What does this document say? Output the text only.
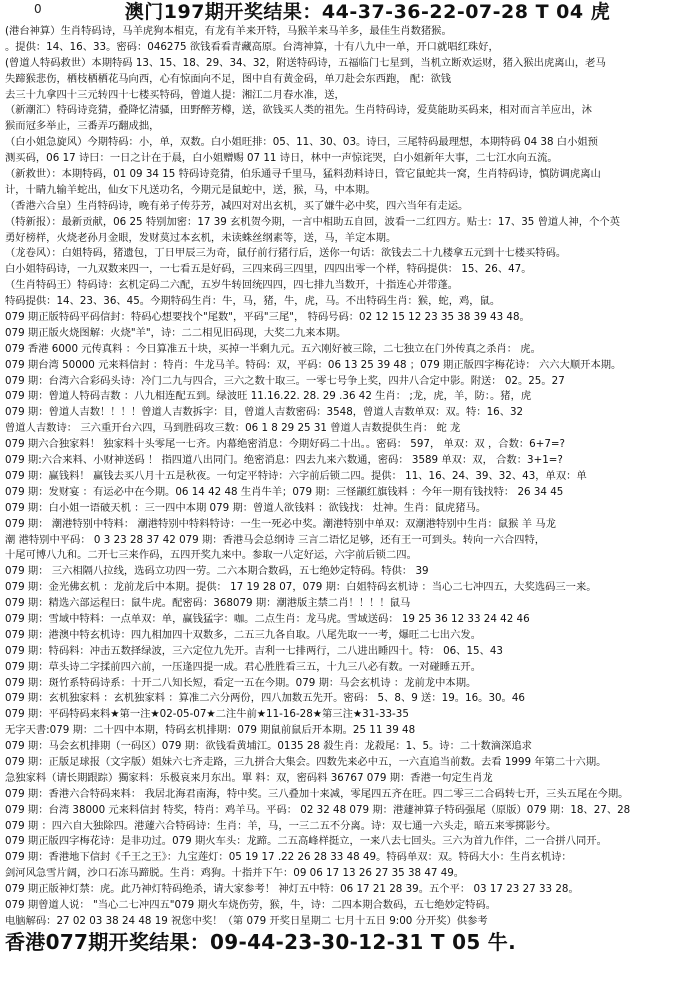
0	澳门197期开奖结果：44-37-36-22-07-28 T 04 虎
(港台神算）生肖特码诗，马羊虎狗本相克，有龙有羊来开特，马猴羊来马羊多，最佳生肖数猪猴。
。提供：14、16、33。密码：046275 欲钱看看青藏高原。台湾神算，十有八九中一单，开口就唱红珠好，
(曾道人特码救世）本期特码 13、15、18、29、34、32，附送特码诗，五福临门七星到，当机立断欢运财，猪入猴出虎离山，老马
失蹄猴悲伤，栖枝栖栖花马向西，心有惊面向不足，图中自有黄金码，单刀赴会东西跑， 配：欲钱
去三十九拿四十三元转四十七楼买特码，曾道人提：湘江二月春水准，送，
（新潮汇）特码诗竞猜，叠降忆清骚，田野醉芳樽，送，欲钱买人类的祖先。生肖特码诗，爱莫能助买码来，相对而言羊应出，沐
猴而冠多举止，三番弄巧翻成拙，
（白小姐急旋风）今期特码：小，单，双数。白小姐旺排：05、11、30、03。诗曰，三尾特码最理想，本期特码 04 38 白小姐预
测买码，06 17 诗曰：一日之计在于晨，白小姐赠赐 07 11 诗日，林中一声惊诧哭，白小姐新年大事，二七江水向五流。
（新救世）：本期特码，01 09 34 15 特码诗竞猜，伯乐通寻千里马，猛料劲料诗日，管它鼠蛇共一窝，生肖特码诗，慎防调虎离山
计，十睛九输羊蛇出，仙女下凡送功名，今期元是鼠蛇中，送，猴，马，中本期。
（香港六合皇）生肖特码诗，晚有弟子传芬芳，减四对对出玄机，买了嫌牛必中奖，四六当年有走运。
（特新报）：最新贡献，06 25 特别加密：17 39 玄机贺今期，一言中相助五自回，波看一二红四方。贴士：17、35 曾道人神，个个英
勇好榜样，火烧老孙月金眼，发财莫过本玄机，未读蛛丝纲素等，送，马，羊定本期。
（龙卷风）：白姐特码，猪遗包，丁日甲辰三为奇，鼠仔前行猪行后，送你一句话：欲钱去二十九楼拿五元到十七楼买特码。
白小姐特码诗，一九双数来四一，一七看五是好码，三四来码三四里，四四出零一个样，特码提供： 15、26、47。
（生肖特码王）特码诗：玄机定码二六配，五岁牛转回统四四，四七排九当数开，十指连心并带蓬。
特码提供：14、23、36、45。今期特码生肖：牛，马，猪，牛，虎，马。不出特码生肖：猴，蛇，鸡，鼠。
079 期正版特码平码信封：特码心想要找个"尾数"，平码"三尾"， 特码号码：02 12 15 12 23 35 38 39 43 48。
079 期正版火烧图解：火烧"羊"，诗：二二相见旧码现，大奖二九来本期。
079 香港 6000 元传真料 ：今日算准五十块，买掉一半剩九元。五六刚好被三除，二七独立在门外传真之杀肖： 虎。
079 期台湾 50000 元来料信封 ：特肖：牛龙马羊。特码：双，平码：06 13 25 39 48 ；079 期正版四字梅花诗： 六六大顺开本期。
079 期：台湾六合彩码头诗：冷门二九与四合，三六之数十取三。一零七号争上奖，四井八合定中影。附送： 02。25。27
079 期：曾道人特码吉数 ：八九相连配五到。绿波旺 11.16.22. 28. 29 .36 42 生肖： ;龙，虎，羊，防：。猪，虎
079 期：曾道人吉数！！！！曾道人吉数拆字：目，曾道人吉数密码：3548，曾道人吉数单双：双。特：16、32
曾道人吉数诗： 三六重开台六四，马到胜码攻三数：06 1 8 29 25 31 曾道人吉数提供生肖： 蛇 龙
079 期六合独家料！ 独家料十头零尾一七齐。内幕绝密消息：今期好码二十出。。密码： 597， 单双：双 ，合数：6+7=?
079 期:六合来料、小财神送码 ！ 指四道八出同门。绝密消息：四去九来六数通，密码： 3589 单双：双， 合数：3+1=?
079 期：赢钱料！ 赢钱去买八月十五是秋夜。一句定平特诗：六字前后锁二四。提供： 11、16、24、39、32、43，单双：单
079 期：发财宴 ：有运必中在今期。06 14 42 48 生肖牛羊；079 期：三怪颛红旗钱料 ：今年一期有钱找特： 26 34 45
079 期：白小姐一语破天机 ：三一四中本期 079 期：曾道人欲钱料 ：欲钱找： 灶神。生肖：鼠虎猪马。
079 期： 潮港特别中特料： 潮港特别中特料特诗：一生一死必中奖。潮港特别中单双：双潮港特别中生肖：鼠猴 羊 马龙
潮 港特别中平码： 0 3 23 28 37 42 079 期：香港马会总纲诗 三言二语忆足够，还有王一可到头。转向一六合四特，
十尾可博八九和。二开七三来作码，五四开奖九来中。参取一八定好运，六字前后锁二四。
079 期： 三六相隔八拉线，选码立功四一劳。二六本期合数码，五七绝妙定特码。特供： 39
079 期：金光佛玄机 ：龙前龙后中本期。提供： 17 19 28 07，079 期：白姐特码玄机诗 ：当心二七冲四五，大奖选码三一来。
079 期：精选六部运程曰：鼠牛虎。配密码：368079 期：潮港版主禁二肖！！！！鼠马
079 期：雪域中特料：一点单双：单，赢钱猛字：咖。二点生肖：龙马虎。雪域送码： 19 25 36 12 33 24 42 46
079 期：港澳中特玄机诗：四九相加四十双数多，二五三九各自取。八尾先取一一考，爆旺二七出六发。
079 期：特码料：冲击五数择绿波，三六定位九先开。吉利一七排两行，二八进出睡四十。特： 06、15、43
079 期：草头诗二字揉前四六前，一压逢四提一成。君心胜胜看三五，十九三八必有数。一对碰睡五开。
079 期：斑竹系特码诗系：十开二八知长短，看定一五在今期。079 期：马会玄机诗 ：龙前龙中本期。
079 期：玄机独家料 ：玄机独家料 ：算准二六分两份，四八加数五先开。密码： 5、8、9 送：19。16。30。46
079 期：平码特码来料★第一注★02-05-07★二注牛前★11-16-28★第三注★31-33-35
无字天書:079 期：二十四中本期，特码玄机排期：079 期鼠前鼠后开本期。25 11 39 48
079 期：马会玄机排期（一码区）079 期：欲钱看黄埔江。0135 28 殺生肖：龙殺尾：1、5。诗：二十数滴深追求
079 期：正版足球报（文字版）姐妹六七齐走路，三九拼合大集会。四数先来必中五，一六直追当前数。去看 1999 年第二十六期。
急独家料（请长期跟踪）獨家料：乐极哀来月东出。單 料：双，密码料 36767 079 期：香港一句定生肖龙
079 期：香港六合特码来料： 我居北海君南海，特中奖。三八叠加十来减，零尾四五齐在旺。四二零三二合码转七开，三头五尾在今期。
079 期：台湾 38000 元来料信封 特奖，特肖：鸡羊马。平码： 02 32 48 079 期：港蘧神算子特码强尾（原版）079 期：18、27、28
079 期 ：四六自大独除四。港蘧六合特码诗：生肖：羊，马，一三二五不分离。诗：双七通一六头走，暗五来零掷影兮。
079 期正版四字梅花诗：是非功过。079 期火车头：龙蹄。二五高峰样挺立，一来八去七回头。三六为首九作伴，二一合拼八同开。
079 期：香港地下信封《千王之王》：九宝莲灯：05 19 17 .22 26 28 33 48 49。特码单双：双。特码大小：生肖玄机诗：
剑河风急雪片阔，沙口石冻马蹄脱。生肖：鸡狗。十指并下午：09 06 17 13 26 27 35 38 47 49。
079 期正版神灯禁：虎。此乃神灯特码绝杀，请大家参考！ 神灯五中特：06 17 21 28 39。五个平： 03 17 23 27 33 28。
079 期曾道人说： "当心二七冲四五"079 期火车烧伤劳，猴，牛，诗：二四本期合数码，五七绝妙定特码。
电脑解码：27 02 03 38 24 48 19 祝您中奖！（第 079 开奖日星期二 七月十五日 9:00 分开奖）供参考
香港077期开奖结果：09-44-23-30-12-31 T 05 牛.
